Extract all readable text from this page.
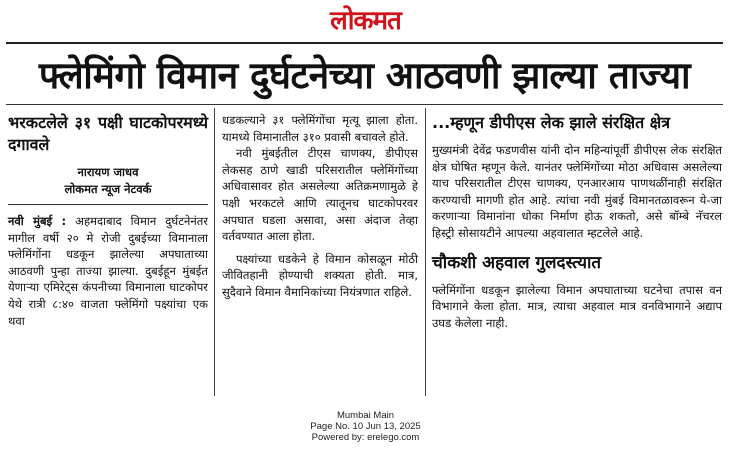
लोकमत
फ्लेमिंगो विमान दुर्घटनेच्या आठवणी झाल्या ताज्या
भरकटलेले ३१ पक्षी घाटकोपरमध्ये दगावले
नारायण जाधव
लोकमत न्यूज नेटवर्क

नवी मुंबई : अहमदाबाद विमान दुर्घटनेनंतर मागील वर्षी २० मे रोजी दुबईच्या विमानाला फ्लेमिंगोंना धडकून झालेल्या अपघाताच्या आठवणी पुन्हा ताज्या झाल्या. दुबईहून मुंबईत येणाऱ्या एमिरेट्स कंपनीच्या विमानाला घाटकोपर येथे रात्री ८:४० वाजता फ्लेमिंगो पक्ष्यांचा एक थवा

धडकल्याने ३१ फ्लेमिंगोंचा मृत्यू झाला होता. यामध्ये विमानातील ३१० प्रवासी बचावले होते.

नवी मुंबईतील टीएस चाणक्य, डीपीएस लेकसह ठाणे खाडी परिसरातील फ्लेमिंगोंच्या अधिवासावर होत असलेल्या अतिक्रमणामुळे हे पक्षी भरकटले आणि त्यातूनच घाटकोपरवर अपघात घडला असावा, असा अंदाज तेव्हा वर्तवण्यात आला होता.

पक्ष्यांच्या धडकेने हे विमान कोसळून मोठी जीवितहानी होण्याची शक्यता होती. मात्र, सुदैवाने विमान वैमानिकांच्या नियंत्रणात राहिले.

...म्हणून डीपीएस लेक झाले संरक्षित क्षेत्र

मुख्यमंत्री देवेंद्र फडणवीस यांनी दोन महिन्यांपूर्वी डीपीएस लेक संरक्षित क्षेत्र घोषित म्हणून केले. यानंतर फ्लेमिंगोंच्या मोठा अधिवास असलेल्या याच परिसरातील टीएस चाणक्य, एनआरआय पाणथळींनाही संरक्षित करण्याची मागणी होत आहे. त्यांचा नवी मुंबई विमानतळावरून ये-जा करणाऱ्या विमानांना धोका निर्माण होऊ शकतो, असे बॉम्बे नॅचरल हिस्ट्री सोसायटीने आपल्या अहवालात म्हटलेले आहे.

चौकशी अहवाल गुलदस्त्यात

फ्लेमिंगोंना धडकून झालेल्या विमान अपघाताच्या घटनेचा तपास वन विभागाने केला होता. मात्र, त्याचा अहवाल मात्र वनविभागाने अद्याप उघड केलेला नाही.

Mumbai Main
Page No. 10 Jun 13, 2025
Powered by: erelego.com
